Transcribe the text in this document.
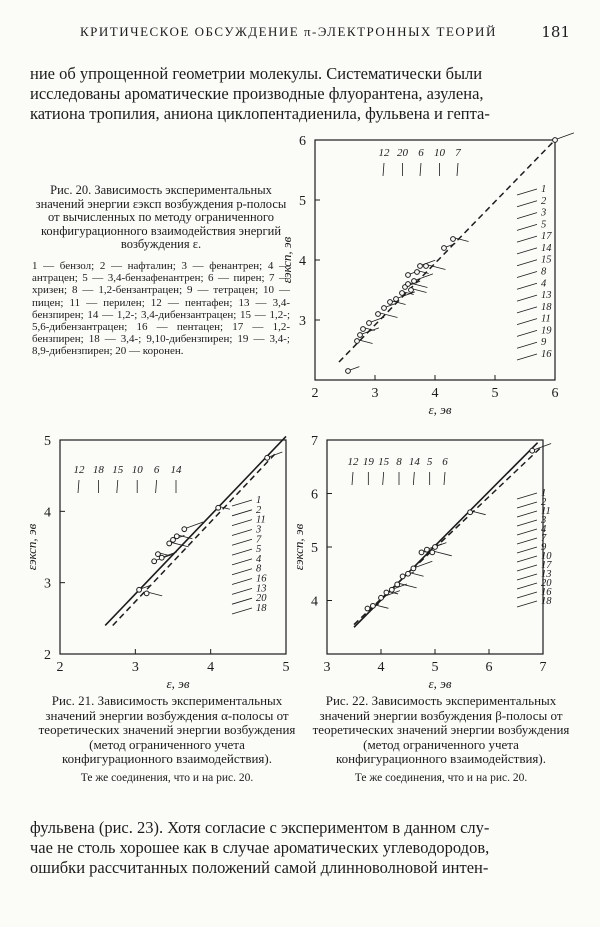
КРИТИЧЕСКОЕ ОБСУЖДЕНИЕ π-ЭЛЕКТРОННЫХ ТЕОРИЙ	181
ние об упрощенной геометрии молекулы. Систематически были
исследованы ароматические производные флуорантена, азулена,
катиона тропилия, аниона циклопентадиенила, фульвена и гепта-
Рис. 20. Зависимость экспериментальных значений энергии εэксп возбуждения p-полосы от вычисленных по методу ограниченного конфигурационного взаимодействия энергий возбуждения ε.
1 — бензол; 2 — нафталин; 3 — фенантрен; 4 — антрацен; 5 — 3,4-бензафенантрен; 6 — пирен; 7 — хризен; 8 — 1,2-бензантрацен; 9 — тетрацен; 10 — пицен; 11 — перилен; 12 — пентафен; 13 — 3,4-бензпирен; 14 — 1,2-; 3,4-дибензантрацен; 15 — 1,2-; 5,6-дибензантрацен; 16 — пентацен; 17 — 1,2-бензпирен; 18 — 3,4-; 9,10-дибензпирен; 19 — 3,4-; 8,9-дибензпирен; 20 — коронен.
2	3	4	5	6
3
4
5
6
ε, эв
εэксп, эв
12 20 6 10 7
1
2
3
5
17
14
15
8
4
13
18
11
19
9
16
2	3	4	5
2
3
4
5
ε, эв
εэксп, эв
12 18 15 10 6 14
1
2
11
3
7
5
4
8
16
13
20
18
3	4	5	6	7
4
5
6
7
ε, эв
εэксп, эв
12 19 15 8 14 5 6
1
2
11
3
4
7
9
10
17
13
20
16
18
Рис. 21. Зависимость экспериментальных значений энергии возбуждения α-полосы от теоретических значений энергии возбуждения (метод ограниченного учета конфигурационного взаимодействия).
Те же соединения, что и на рис. 20.
Рис. 22. Зависимость экспериментальных значений энергии возбуждения β-полосы от теоретических значений энергии возбуждения (метод ограниченного учета конфигурационного взаимодействия).
Те же соединения, что и на рис. 20.
фульвена (рис. 23). Хотя согласие с экспериментом в данном слу-
чае не столь хорошее как в случае ароматических углеводородов,
ошибки рассчитанных положений самой длинноволновой интен-
